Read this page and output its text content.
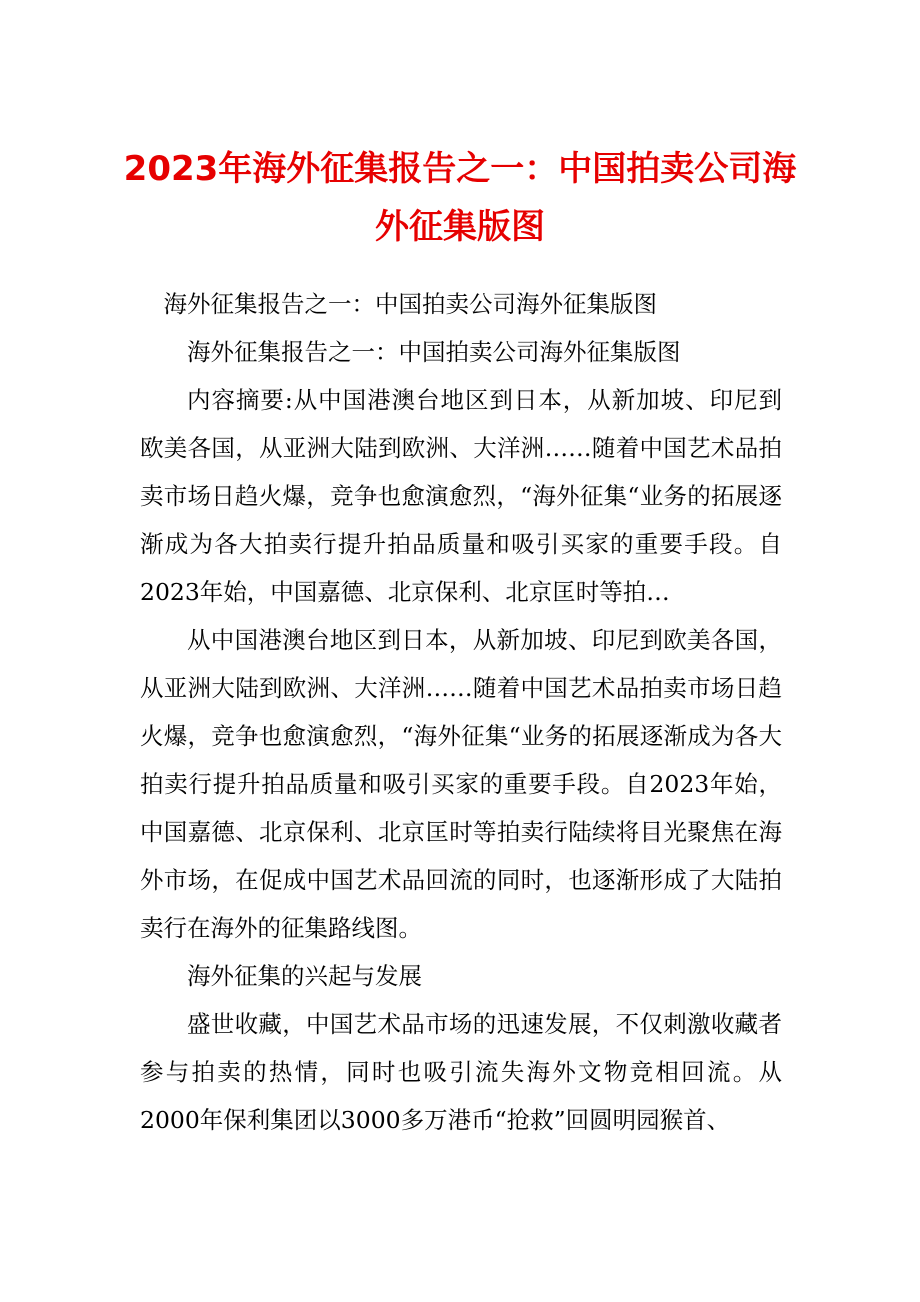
2023年海外征集报告之一：中国拍卖公司海外征集版图

海外征集报告之一：中国拍卖公司海外征集版图

海外征集报告之一：中国拍卖公司海外征集版图

内容摘要:从中国港澳台地区到日本，从新加坡、印尼到欧美各国，从亚洲大陆到欧洲、大洋洲……随着中国艺术品拍卖市场日趋火爆，竞争也愈演愈烈，“海外征集“业务的拓展逐渐成为各大拍卖行提升拍品质量和吸引买家的重要手段。自2023年始，中国嘉德、北京保利、北京匡时等拍…

从中国港澳台地区到日本，从新加坡、印尼到欧美各国，从亚洲大陆到欧洲、大洋洲……随着中国艺术品拍卖市场日趋火爆，竞争也愈演愈烈，“海外征集“业务的拓展逐渐成为各大拍卖行提升拍品质量和吸引买家的重要手段。自2023年始，中国嘉德、北京保利、北京匡时等拍卖行陆续将目光聚焦在海外市场，在促成中国艺术品回流的同时，也逐渐形成了大陆拍卖行在海外的征集路线图。

海外征集的兴起与发展

盛世收藏，中国艺术品市场的迅速发展，不仅刺激收藏者参与拍卖的热情，同时也吸引流失海外文物竞相回流。从2000年保利集团以3000多万港币“抢救”回圆明园猴首、
